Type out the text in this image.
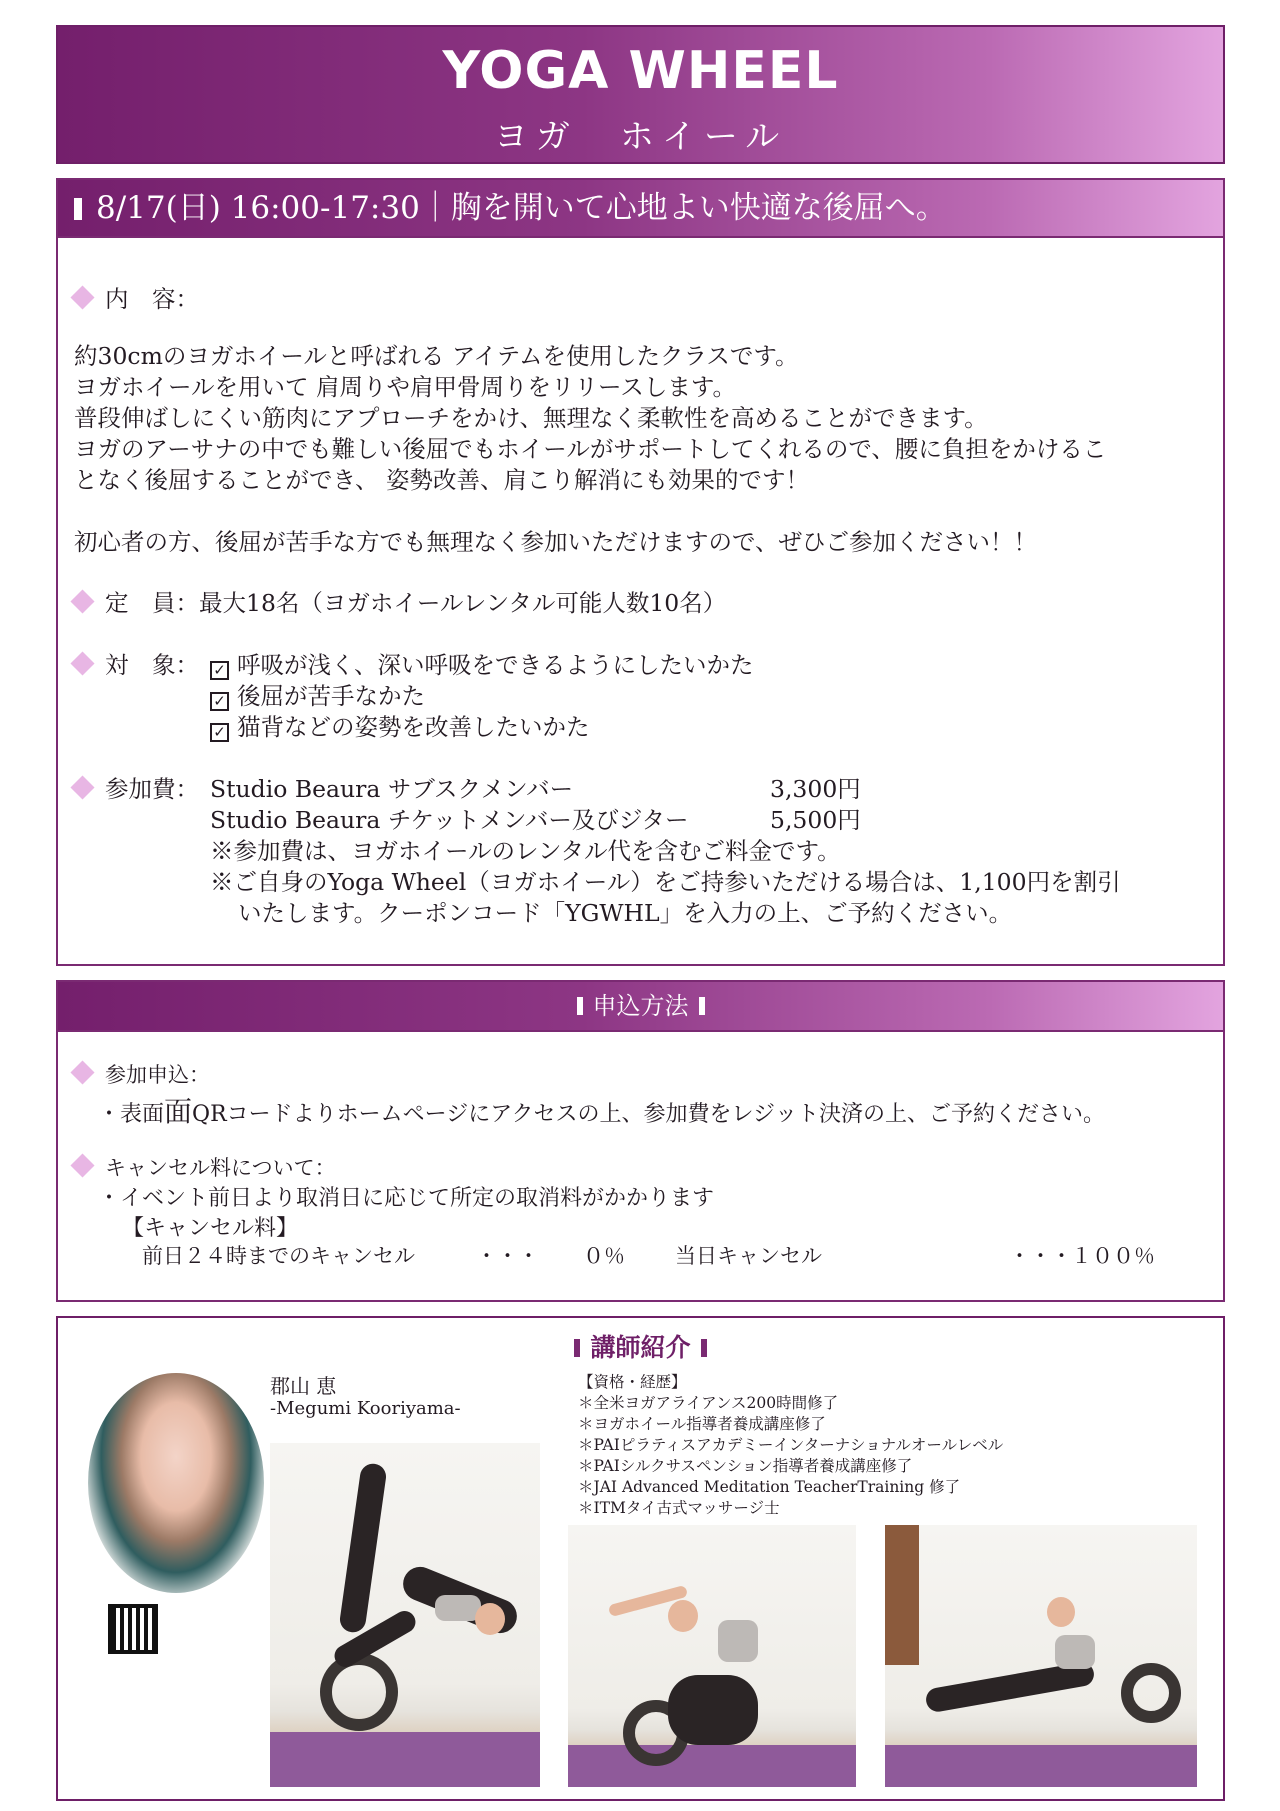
YOGA WHEEL
ヨガ　ホイール
8/17(日) 16:00-17:30｜胸を開いて心地よい快適な後屈へ。
内　容：
約30cmのヨガホイールと呼ばれる アイテムを使用したクラスです。
ヨガホイールを用いて 肩周りや肩甲骨周りをリリースします。
普段伸ばしにくい筋肉にアプローチをかけ、無理なく柔軟性を高めることができます。
ヨガのアーサナの中でも難しい後屈でもホイールがサポートしてくれるので、腰に負担をかけるこ
となく後屈することができ、 姿勢改善、肩こり解消にも効果的です！
初心者の方、後屈が苦手な方でも無理なく参加いただけますので、ぜひご参加ください！！
定　員：最大18名（ヨガホイールレンタル可能人数10名）
対　象： ✓ 呼吸が浅く、深い呼吸をできるようにしたいかた
✓ 後屈が苦手なかた
✓ 猫背などの姿勢を改善したいかた
参加費： Studio Beaura サブスクメンバー	3,300円
Studio Beaura チケットメンバー及びジター	5,500円
※参加費は、ヨガホイールのレンタル代を含むご料金です。
※ご自身のYoga Wheel（ヨガホイール）をご持参いただける場合は、1,100円を割引
いたします。クーポンコード「YGWHL」を入力の上、ご予約ください。
申込方法
参加申込：
・表面面QRコードよりホームページにアクセスの上、参加費をレジット決済の上、ご予約ください。
キャンセル料について：
・イベント前日より取消日に応じて所定の取消料がかかります
【キャンセル料】
前日２４時までのキャンセル	・・・ ０％ 当日キャンセル	・・・ １００％
講師紹介
郡山 恵
-Megumi Kooriyama-
【資格・経歴】
＊全米ヨガアライアンス200時間修了
＊ヨガホイール指導者養成講座修了
＊PAIピラティスアカデミーインターナショナルオールレベル
＊PAIシルクサスペンション指導者養成講座修了
＊JAI Advanced Meditation TeacherTraining 修了
＊ITMタイ古式マッサージ士
